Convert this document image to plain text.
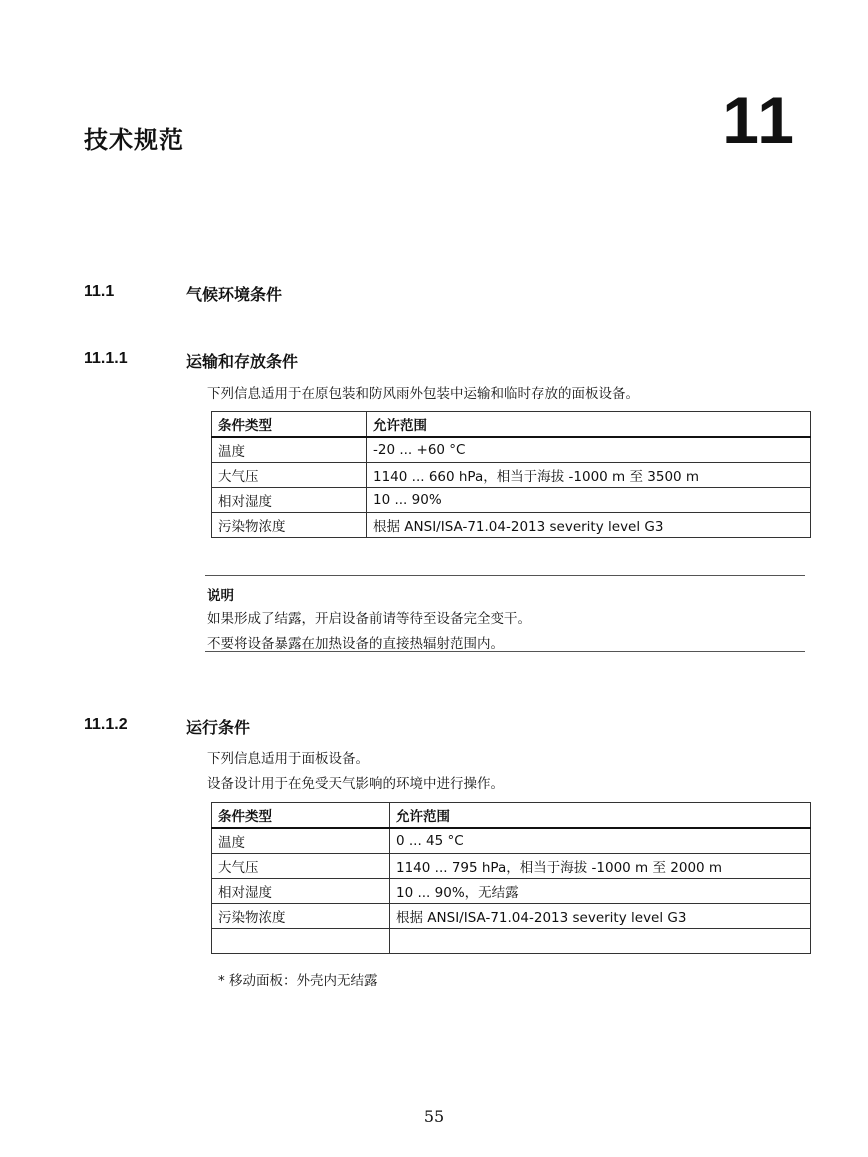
技术规范	11
11.1	气候环境条件
11.1.1	运输和存放条件
下列信息适用于在原包装和防风雨外包装中运输和临时存放的面板设备。
条件类型	允许范围
温度	-20 ... +60 °C
大气压	1140 ... 660 hPa，相当于海拔 -1000 m 至 3500 m
相对湿度	10 ... 90%
污染物浓度	根据 ANSI/ISA-71.04-2013 severity level G3
说明
如果形成了结露，开启设备前请等待至设备完全变干。
不要将设备暴露在加热设备的直接热辐射范围内。
11.1.2	运行条件
下列信息适用于面板设备。
设备设计用于在免受天气影响的环境中进行操作。
条件类型	允许范围
温度	0 ... 45 °C
大气压	1140 ... 795 hPa，相当于海拔 -1000 m 至 2000 m
相对湿度	10 ... 90%，无结露
污染物浓度	根据 ANSI/ISA-71.04-2013 severity level G3

* 移动面板：外壳内无结露
55
